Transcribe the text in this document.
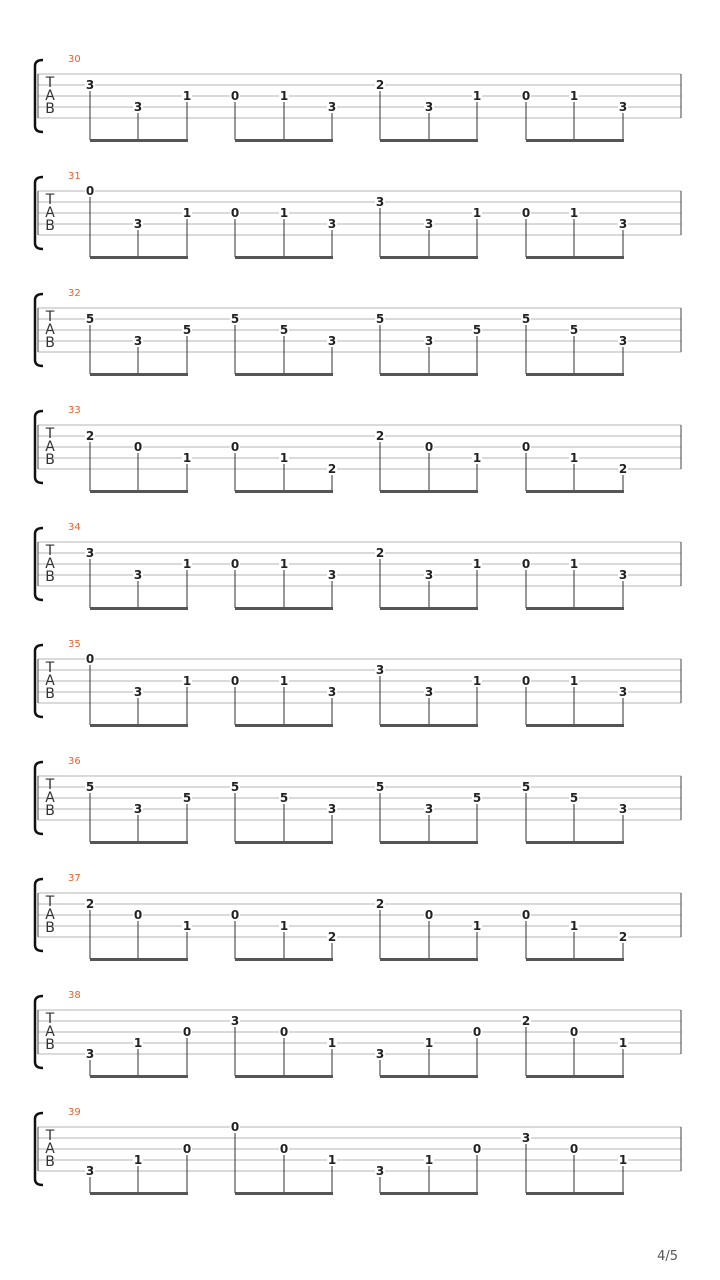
T
A
B
30
3
3
1	0	1
3
2
3
1	0	1
3
T
A
B
31
0
3
1	0	1
3
3
3
1	0	1
3
T
A
B
32
5
3
5
5
5
3
5
3
5
5
5
3
T
A
B
33
2
0
1
0
1
2
2
0
1
0
1
2
T
A
B
34
3
3
1	0	1
3
2
3
1	0	1
3
T
A
B
35
0
3
1	0	1
3
3
3
1	0	1
3
T
A
B
36
5
3
5
5
5
3
5
3
5
5
5
3
T
A
B
37
2
0
1
0
1
2
2
0
1
0
1
2
T
A
B
38
3
1
0
3
0
1
3
1
0
2
0
1
T
A
B
39
3
1
0
0
0
1
3
1
0
3
0
1
4/5
